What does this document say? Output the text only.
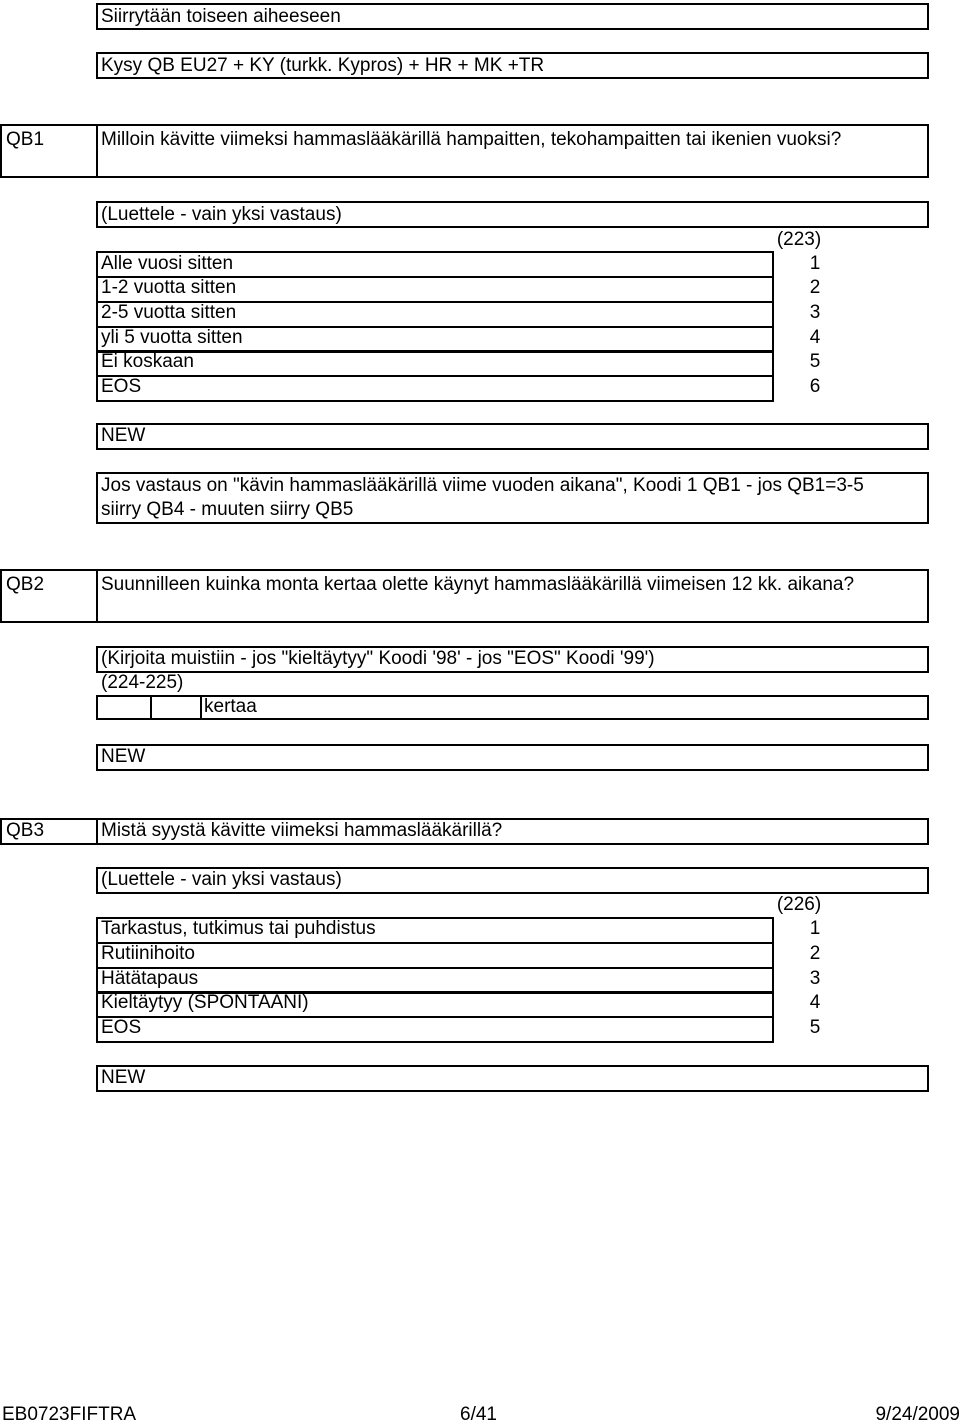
Siirrytään toiseen aiheeseen
Kysy QB EU27 + KY (turkk. Kypros) + HR + MK +TR
QB1	Milloin kävitte viimeksi hammaslääkärillä hampaitten, tekohampaitten tai ikenien vuoksi?
(Luettele - vain yksi vastaus)
(223)
Alle vuosi sitten	1
1-2 vuotta sitten	2
2-5 vuotta sitten	3
yli 5 vuotta sitten	4
Ei koskaan	5
EOS	6
NEW
Jos vastaus on "kävin hammaslääkärillä viime vuoden aikana", Koodi 1 QB1 - jos QB1=3-5
siirry QB4 - muuten siirry QB5
QB2	Suunnilleen kuinka monta kertaa olette käynyt hammaslääkärillä viimeisen 12 kk. aikana?
(Kirjoita muistiin - jos "kieltäytyy" Koodi '98' - jos "EOS" Koodi '99')
(224-225)
kertaa
NEW
QB3	Mistä syystä kävitte viimeksi hammaslääkärillä?
(Luettele - vain yksi vastaus)
(226)
Tarkastus, tutkimus tai puhdistus	1
Rutiinihoito	2
Hätätapaus	3
Kieltäytyy (SPONTAANI)	4
EOS	5
NEW
EB0723FIFTRA	6/41	9/24/2009
